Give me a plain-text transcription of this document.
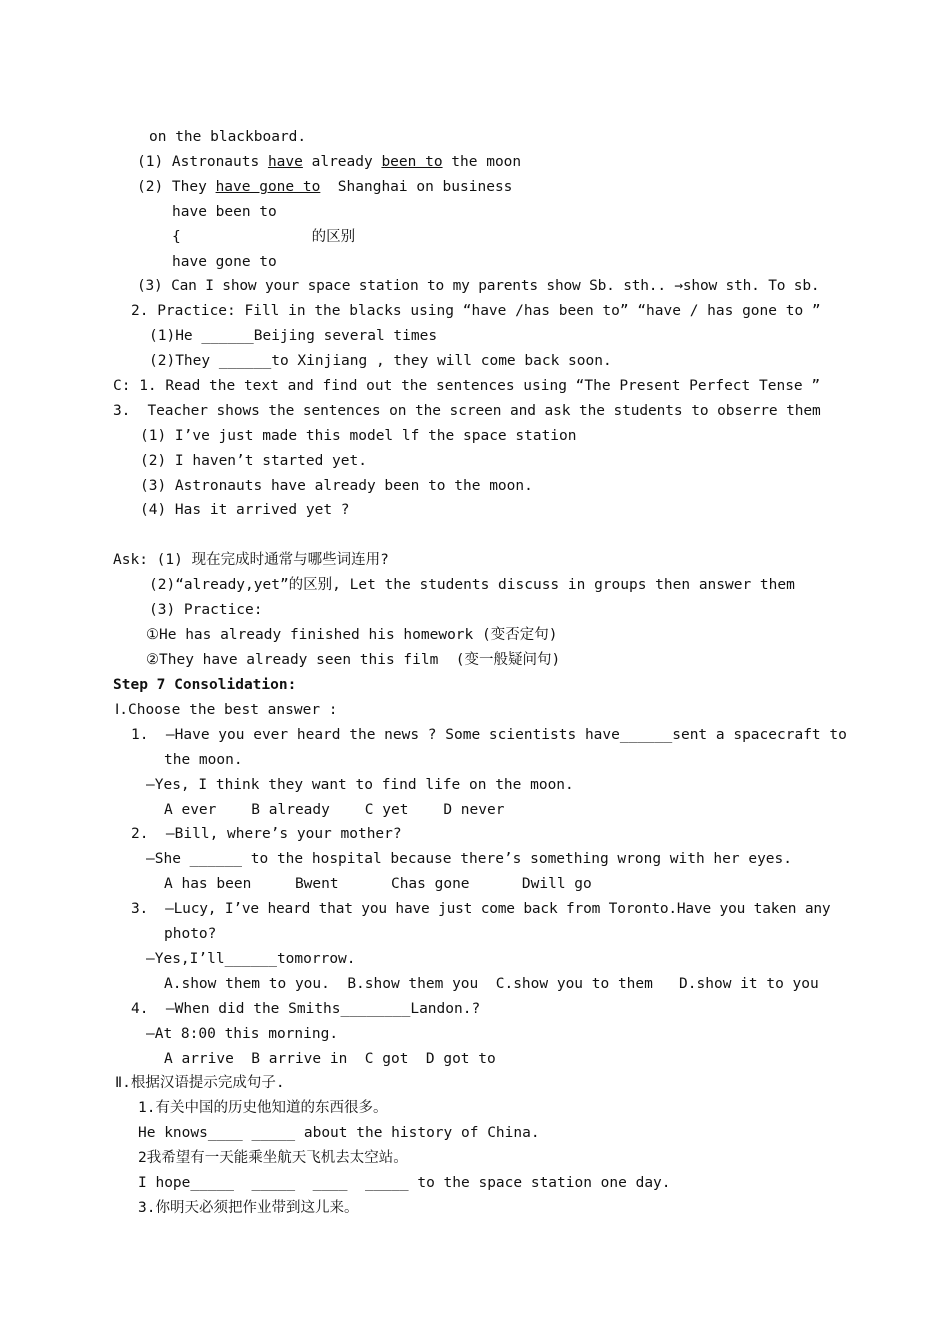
on the blackboard.
(1) Astronauts have already been to the moon
(2) They have gone to  Shanghai on business
have been to
{               的区别
have gone to
(3) Can I show your space station to my parents show Sb. sth.. →show sth. To sb.
2. Practice: Fill in the blacks using “have /has been to” “have / has gone to ”
(1)He ______Beijing several times
(2)They ______to Xinjiang , they will come back soon.
C: 1. Read the text and find out the sentences using “The Present Perfect Tense ”
3.  Teacher shows the sentences on the screen and ask the students to obserre them
(1) I’ve just made this model lf the space station
(2) I haven’t started yet.
(3) Astronauts have already been to the moon.
(4) Has it arrived yet ?
Ask: (1) 现在完成时通常与哪些词连用?
(2)“already,yet”的区别, Let the students discuss in groups then answer them
(3) Practice:
①He has already finished his homework (变否定句)
②They have already seen this film  (变一般疑问句)
Step 7 Consolidation:
Ⅰ.Choose the best answer :
1.  —Have you ever heard the news ? Some scientists have______sent a spacecraft to
the moon.
—Yes, I think they want to find life on the moon.
A ever    B already    C yet    D never
2.  —Bill, where’s your mother?
—She ______ to the hospital because there’s something wrong with her eyes.
A has been     Bwent      Chas gone      Dwill go
3.  —Lucy, I’ve heard that you have just come back from Toronto.Have you taken any
photo?
—Yes,I’ll______tomorrow.
A.show them to you.  B.show them you  C.show you to them   D.show it to you
4.  —When did the Smiths________Landon.?
—At 8:00 this morning.
A arrive  B arrive in  C got  D got to
Ⅱ.根据汉语提示完成句子.
1.有关中国的历史他知道的东西很多。
He knows____ _____ about the history of China.
2我希望有一天能乘坐航天飞机去太空站。
I hope_____  _____  ____  _____ to the space station one day.
3.你明天必须把作业带到这儿来。
